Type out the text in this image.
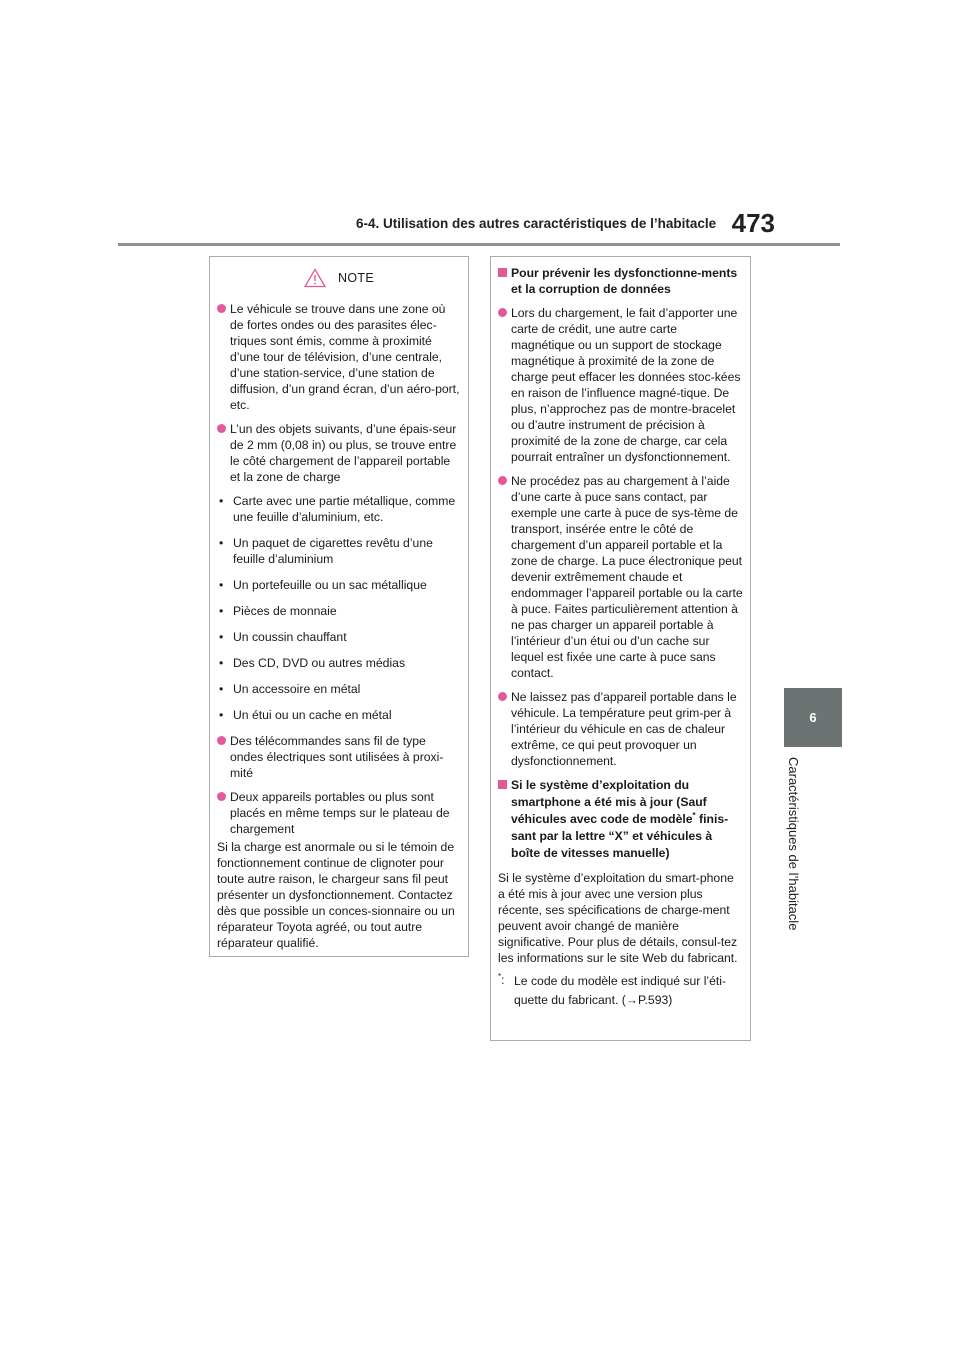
6-4. Utilisation des autres caractéristiques de l’habitacle 473
6
Caractéristiques de l’habitacle
NOTE
Le véhicule se trouve dans une zone où de fortes ondes ou des parasites élec-triques sont émis, comme à proximité d’une tour de télévision, d’une centrale, d’une station-service, d’une station de diffusion, d’un grand écran, d’un aéro-port, etc.
L’un des objets suivants, d’une épais-seur de 2 mm (0,08 in) ou plus, se trouve entre le côté chargement de l’appareil portable et la zone de charge
• Carte avec une partie métallique, comme une feuille d’aluminium, etc.
• Un paquet de cigarettes revêtu d’une feuille d’aluminium
• Un portefeuille ou un sac métallique
• Pièces de monnaie
• Un coussin chauffant
• Des CD, DVD ou autres médias
• Un accessoire en métal
• Un étui ou un cache en métal
Des télécommandes sans fil de type ondes électriques sont utilisées à proxi-mité
Deux appareils portables ou plus sont placés en même temps sur le plateau de chargement

Si la charge est anormale ou si le témoin de fonctionnement continue de clignoter pour toute autre raison, le chargeur sans fil peut présenter un dysfonctionnement. Contactez dès que possible un conces-sionnaire ou un réparateur Toyota agréé, ou tout autre réparateur qualifié.

Pour prévenir les dysfonctionne-ments et la corruption de données
Lors du chargement, le fait d’apporter une carte de crédit, une autre carte magnétique ou un support de stockage magnétique à proximité de la zone de charge peut effacer les données stoc-kées en raison de l’influence magné-tique. De plus, n’approchez pas de montre-bracelet ou d’autre instrument de précision à proximité de la zone de charge, car cela pourrait entraîner un dysfonctionnement.
Ne procédez pas au chargement à l’aide d’une carte à puce sans contact, par exemple une carte à puce de sys-tème de transport, insérée entre le côté de chargement d’un appareil portable et la zone de charge. La puce électronique peut devenir extrêmement chaude et endommager l’appareil portable ou la carte à puce. Faites particulièrement attention à ne pas charger un appareil portable à l’intérieur d’un étui ou d’un cache sur lequel est fixée une carte à puce sans contact.
Ne laissez pas d’appareil portable dans le véhicule. La température peut grim-per à l’intérieur du véhicule en cas de chaleur extrême, ce qui peut provoquer un dysfonctionnement.
Si le système d’exploitation du smartphone a été mis à jour (Sauf véhicules avec code de modèle* finis-sant par la lettre “X” et véhicules à boîte de vitesses manuelle)

Si le système d’exploitation du smart-phone a été mis à jour avec une version plus récente, ses spécifications de charge-ment peuvent avoir changé de manière significative. Pour plus de détails, consul-tez les informations sur le site Web du fabricant.

*: Le code du modèle est indiqué sur l’éti-quette du fabricant. (→P.593)
